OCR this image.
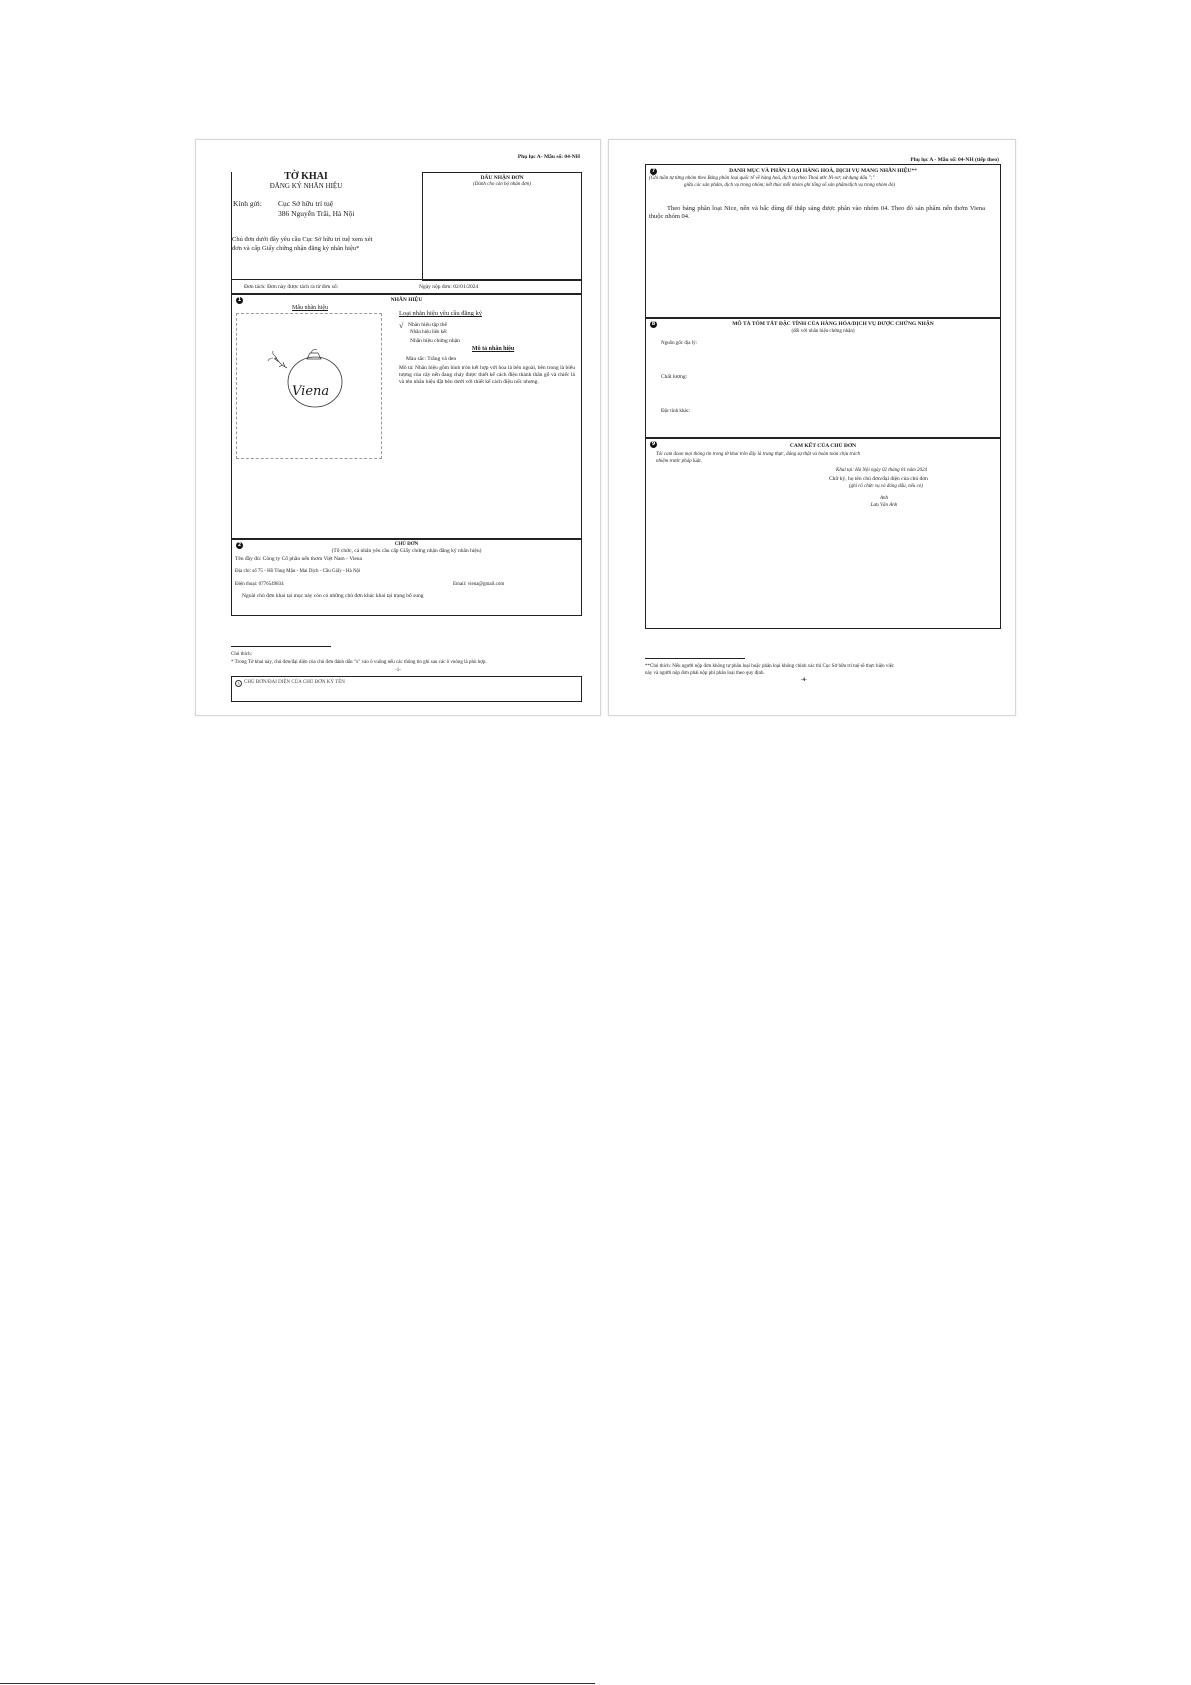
Phụ lục A- Mẫu số: 04-NH
TỜ KHAI
ĐĂNG KÝ NHÃN HIỆU
Kính gửi: Cục Sở hữu trí tuệ
386 Nguyễn Trãi, Hà Nội
Chủ đơn dưới đây yêu cầu Cục Sở hữu trí tuệ xem xét
đơn và cấp Giấy chứng nhận đăng ký nhãn hiệu*
DẤU NHẬN ĐƠN
(Dành cho cán bộ nhận đơn)
Đơn tách: Đơn này được tách ra từ đơn số:	Ngày nộp đơn: 02/01/2024
1	NHÃN HIỆU
Mẫu nhãn hiệu
Viena
Loại nhãn hiệu yêu cầu đăng ký
√ Nhãn hiệu tập thể
Nhãn hiệu liên kết
Nhãn hiệu chứng nhận
Mô tả nhãn hiệu
Màu sắc: Trắng và đen
Mô tả: Nhãn hiệu gồm hình tròn kết hợp với hoa lá bên ngoài, bên trong là biểu tượng của cây nến đang cháy được thiết kế cách điệu thành thân gỗ và chiếc lá và tên nhãn hiệu đặt bên dưới với thiết kế cách điệu nốc nhưng.
2	CHỦ ĐƠN
(Tổ chức, cá nhân yêu cầu cấp Giấy chứng nhận đăng ký nhãn hiệu)
Tên đầy đủ: Công ty Cổ phần nến thơm Việt Nam - Viena
Địa chỉ: số 75 - Hồ Tùng Mậu - Mai Dịch - Cầu Giấy - Hà Nội
Điện thoại: 0776549834	Email: viena@gmail.com
Ngoài chủ đơn khai tại mục này còn có những chủ đơn khác khai tại trang bổ sung
Chú thích:
* Trong Tờ khai này, chủ đơn/đại diện của chủ đơn đánh dấu "x" vào ô vuông nếu các thông tin ghi sau các ô vuông là phù hợp.
-1-
3 CHỦ ĐƠN/ĐẠI DIỆN CỦA CHỦ ĐƠN KÝ TÊN
Phụ lục A - Mẫu số: 04-NH (tiếp theo)
7	DANH MỤC VÀ PHÂN LOẠI HÀNG HOÁ, DỊCH VỤ MANG NHÃN HIỆU**
(Ghi tuần tự từng nhóm theo Bảng phân loại quốc tế về hàng hoá, dịch vụ theo Thoả ước Ni-xơ; sử dụng dấu ";"
giữa các sản phẩm, dịch vụ trong nhóm; kết thúc mỗi nhóm ghi tổng số sản phẩm/dịch vụ trong nhóm đó)
Theo bảng phân loại Nice, nến và bấc dùng để thắp sáng được phân vào nhóm 04. Theo đó sản phẩm nến thơm Viena thuộc nhóm 04.
8	MÔ TẢ TÓM TẮT ĐẶC TÍNH CỦA HÀNG HÓA/DỊCH VỤ ĐƯỢC CHỨNG NHẬN
(đối với nhãn hiệu chứng nhận)
Nguồn gốc địa lý:
Chất lượng:
Đặc tính khác:
9	CAM KẾT CỦA CHỦ ĐƠN
Tôi cam đoan mọi thông tin trong tờ khai trên đây là trung thực, đúng sự thật và hoàn toàn chịu trách
nhiệm trước pháp luật.
Khai tại: Hà Nội ngày 02 tháng 01 năm 2024
Chữ ký, họ tên chủ đơn/đại diện của chủ đơn
(ghi rõ chức vụ và đóng dấu, nếu có)
Anh
Lưu Văn Anh
**Chú thích: Nếu người nộp đơn không tự phân loại hoặc phân loại không chính xác thì Cục Sở hữu trí tuệ sẽ thực hiện việc
này và người nộp đơn phải nộp phí phân loại theo quy định.
-4-
